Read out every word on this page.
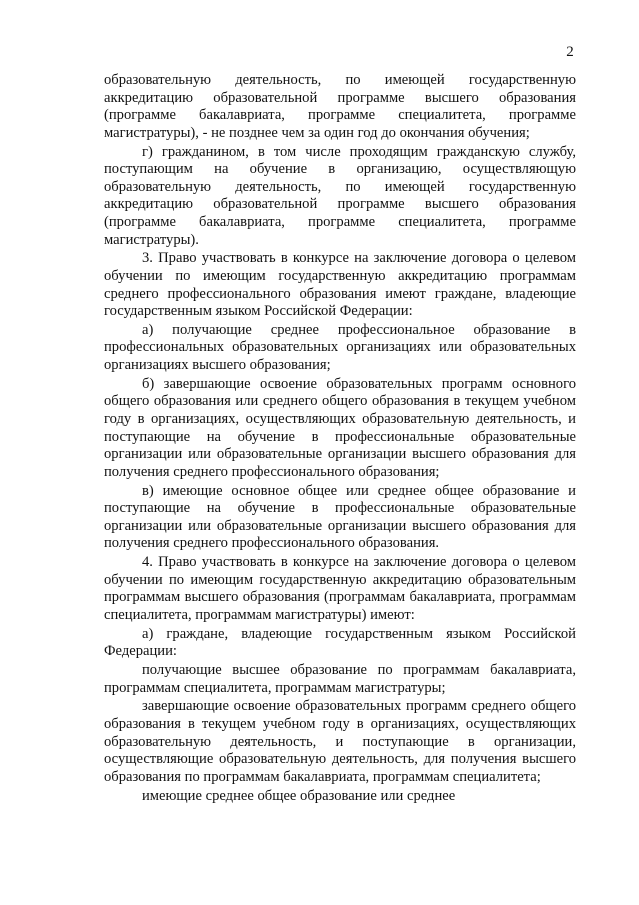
2

образовательную деятельность, по имеющей государственную аккредитацию образовательной программе высшего образования (программе бакалавриата, программе специалитета, программе магистратуры), - не позднее чем за один год до окончания обучения;

г) гражданином, в том числе проходящим гражданскую службу, поступающим на обучение в организацию, осуществляющую образовательную деятельность, по имеющей государственную аккредитацию образовательной программе высшего образования (программе бакалавриата, программе специалитета, программе магистратуры).

3. Право участвовать в конкурсе на заключение договора о целевом обучении по имеющим государственную аккредитацию программам среднего профессионального образования имеют граждане, владеющие государственным языком Российской Федерации:

а) получающие среднее профессиональное образование в профессиональных образовательных организациях или образовательных организациях высшего образования;

б) завершающие освоение образовательных программ основного общего образования или среднего общего образования в текущем учебном году в организациях, осуществляющих образовательную деятельность, и поступающие на обучение в профессиональные образовательные организации или образовательные организации высшего образования для получения среднего профессионального образования;

в) имеющие основное общее или среднее общее образование и поступающие на обучение в профессиональные образовательные организации или образовательные организации высшего образования для получения среднего профессионального образования.

4. Право участвовать в конкурсе на заключение договора о целевом обучении по имеющим государственную аккредитацию образовательным программам высшего образования (программам бакалавриата, программам специалитета, программам магистратуры) имеют:

а) граждане, владеющие государственным языком Российской Федерации:

получающие высшее образование по программам бакалавриата, программам специалитета, программам магистратуры;

завершающие освоение образовательных программ среднего общего образования в текущем учебном году в организациях, осуществляющих образовательную деятельность, и поступающие в организации, осуществляющие образовательную деятельность, для получения высшего образования по программам бакалавриата, программам специалитета;

имеющие среднее общее образование или среднее
